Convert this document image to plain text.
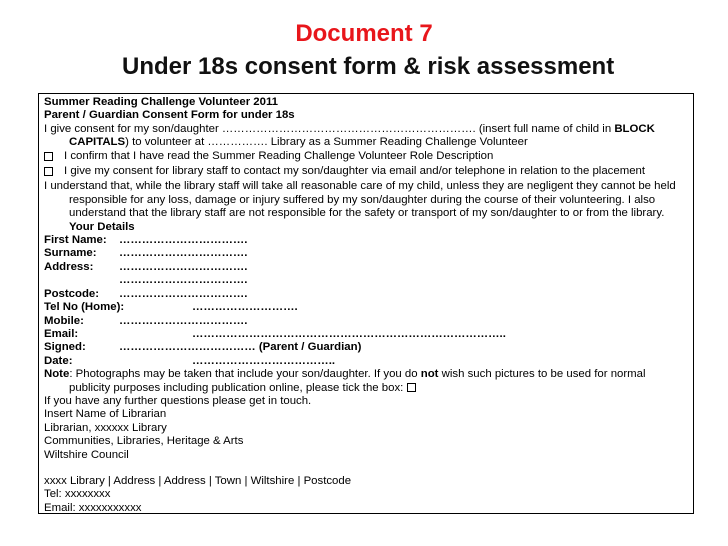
Document 7
Under 18s consent form & risk assessment
Summer Reading Challenge Volunteer 2011
Parent / Guardian Consent Form for under 18s
I give consent for my son/daughter …………………………………………………………. (insert full name of child in BLOCK CAPITALS) to volunteer at ……………. Library as a Summer Reading Challenge Volunteer
I confirm that I have read the Summer Reading Challenge Volunteer Role Description
I give my consent for library staff to contact my son/daughter via email and/or telephone in relation to the placement
I understand that, while the library staff will take all reasonable care of my child, unless they are negligent they cannot be held responsible for any loss, damage or injury suffered by my son/daughter during the course of their volunteering. I also understand that the library staff are not responsible for the safety or transport of my son/daughter to or from the library.  Your Details
First Name:	…………………………….
Surname:	…………………………….
Address:	…………………………….
…………………………….
Postcode:	…………………………….
Tel No (Home):	……………………….
Mobile:	…………………………….
Email:	………………………………………………………………………..
Signed:	………………………………
(Parent / Guardian)
Date:	………………………………..
Note: Photographs may be taken that include your son/daughter. If you do not wish such pictures to be used for normal publicity purposes including publication online, please tick the box:
If you have any further questions please get in touch.
Insert Name of Librarian
Librarian, xxxxxx Library
Communities, Libraries, Heritage & Arts
Wiltshire Council
xxxx Library | Address | Address | Town | Wiltshire | Postcode
Tel: xxxxxxxx
Email: xxxxxxxxxxx
